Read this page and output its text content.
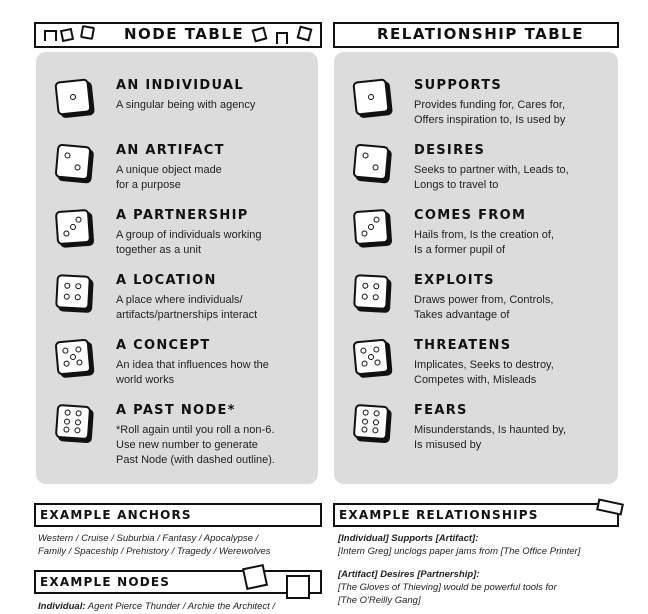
NODE TABLE	RELATIONSHIP TABLE
AN INDIVIDUAL
A singular being with agency
AN ARTIFACT
A unique object made
for a purpose
A PARTNERSHIP
A group of individuals working
together as a unit
A LOCATION
A place where individuals/
artifacts/partnerships interact
A CONCEPT
An idea that influences how the
world works
A PAST NODE*
*Roll again until you roll a non-6.
Use new number to generate
Past Node (with dashed outline).
SUPPORTS
Provides funding for, Cares for,
Offers inspiration to, Is used by
DESIRES
Seeks to partner with, Leads to,
Longs to travel to
COMES FROM
Hails from, Is the creation of,
Is a former pupil of
EXPLOITS
Draws power from, Controls,
Takes advantage of
THREATENS
Implicates, Seeks to destroy,
Competes with, Misleads
FEARS
Misunderstands, Is haunted by,
Is misused by
EXAMPLE ANCHORS
Western / Cruise / Suburbia / Fantasy / Apocalypse /
Family / Spaceship / Prehistory / Tragedy / Werewolves
EXAMPLE NODES
Individual: Agent Pierce Thunder / Archie the Architect /
EXAMPLE RELATIONSHIPS
[Individual] Supports [Artifact]:
[Intern Greg] unclogs paper jams from [The Office Printer]
[Artifact] Desires [Partnership]:
[The Gloves of Thieving] would be powerful tools for
[The O'Reilly Gang]
